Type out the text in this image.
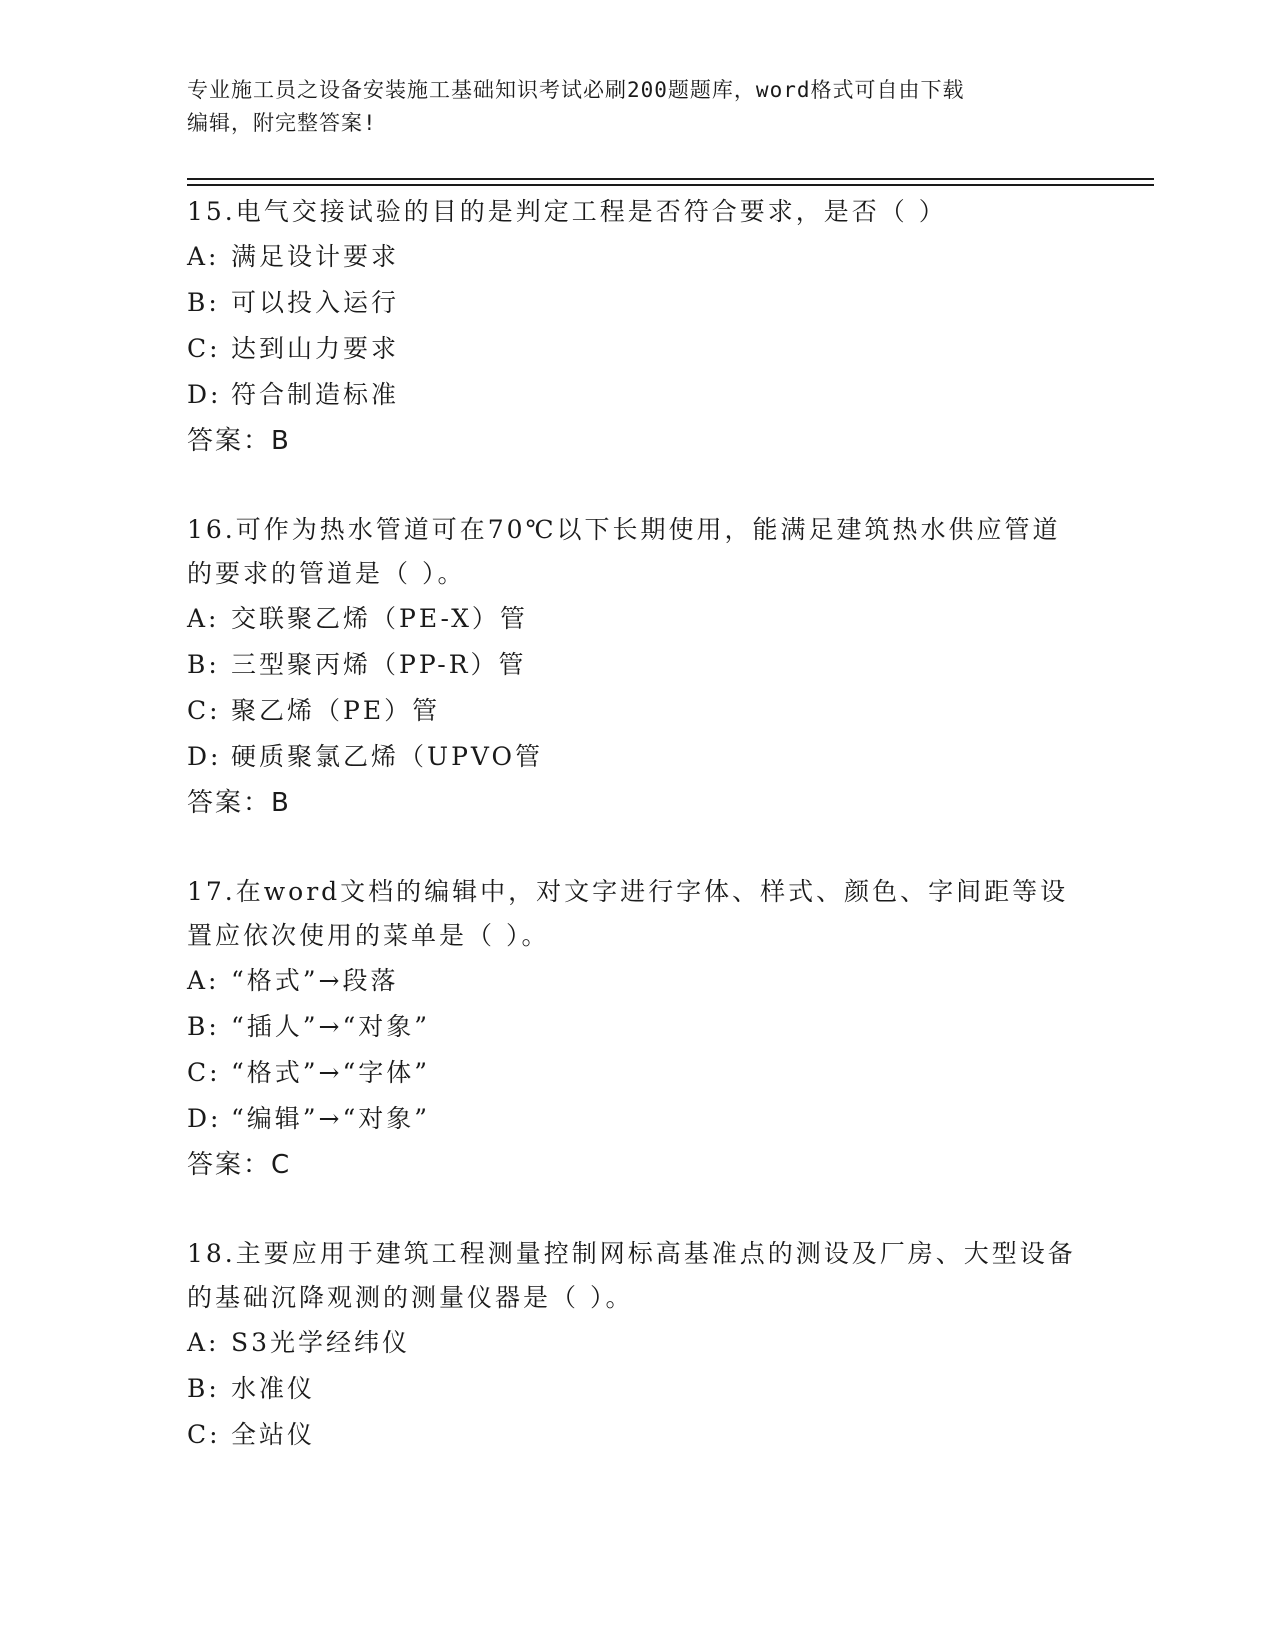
专业施工员之设备安装施工基础知识考试必刷200题题库，word格式可自由下载
编辑，附完整答案!
15.电气交接试验的目的是判定工程是否符合要求，是否（ ）
A: 满足设计要求
B: 可以投入运行
C: 达到山力要求
D: 符合制造标准
答案：B
16.可作为热水管道可在70℃以下长期使用，能满足建筑热水供应管道的要求的管道是（ ）。
A: 交联聚乙烯（PE-X）管
B: 三型聚丙烯（PP-R）管
C: 聚乙烯（PE）管
D: 硬质聚氯乙烯（UPVO管
答案：B
17.在word文档的编辑中，对文字进行字体、样式、颜色、字间距等设置应依次使用的菜单是（ ）。
A: “格式”→段落
B: “插人”→“对象”
C: “格式”→“字体”
D: “编辑”→“对象”
答案：C
18.主要应用于建筑工程测量控制网标高基准点的测设及厂房、大型设备的基础沉降观测的测量仪器是（ ）。
A: S3光学经纬仪
B: 水准仪
C: 全站仪
